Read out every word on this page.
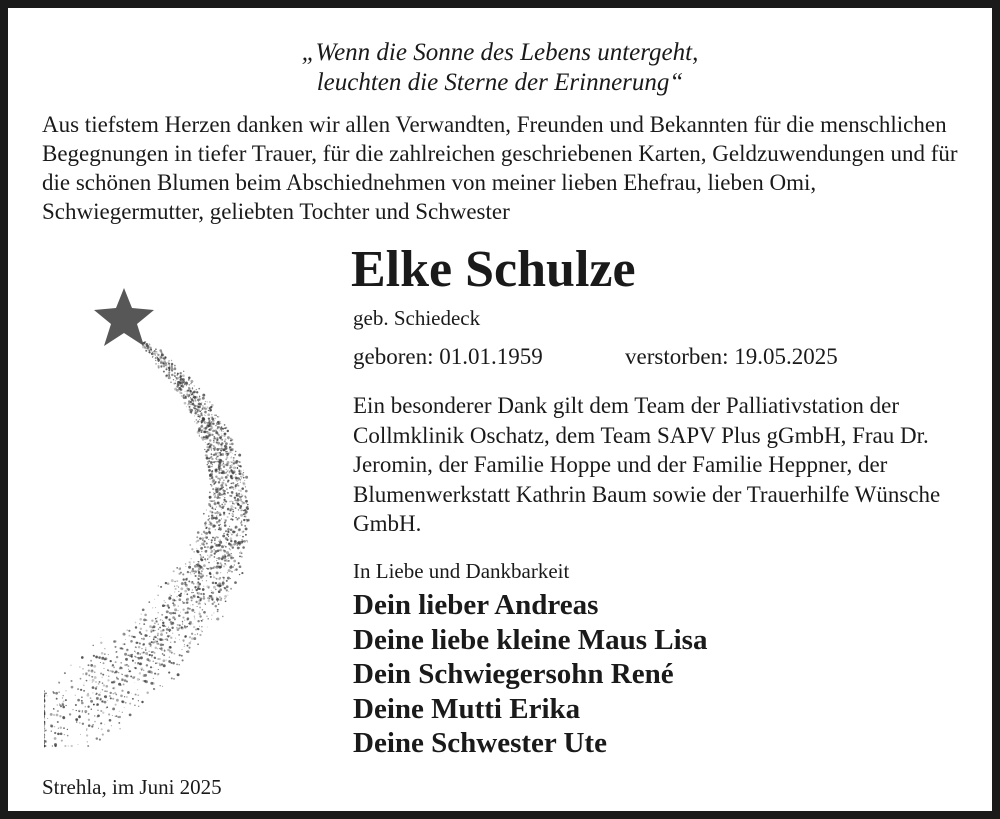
„Wenn die Sonne des Lebens untergeht,
leuchten die Sterne der Erinnerung“
Aus tiefstem Herzen danken wir allen Verwandten, Freunden und Bekannten für die menschlichen Begegnungen in tiefer Trauer, für die zahlreichen geschriebenen Karten, Geldzuwendungen und für die schönen Blumen beim Abschiednehmen von meiner lieben Ehefrau, lieben Omi, Schwiegermutter, geliebten Tochter und Schwester
Elke Schulze
geb. Schiedeck
geboren: 01.01.1959	verstorben: 19.05.2025
Ein besonderer Dank gilt dem Team der Palliativstation der Collmklinik Oschatz, dem Team SAPV Plus gGmbH, Frau Dr. Jeromin, der Familie Hoppe und der Familie Heppner, der Blumenwerkstatt Kathrin Baum sowie der Trauerhilfe Wünsche GmbH.
In Liebe und Dankbarkeit
Dein lieber Andreas
Deine liebe kleine Maus Lisa
Dein Schwiegersohn René
Deine Mutti Erika
Deine Schwester Ute
Strehla, im Juni 2025
